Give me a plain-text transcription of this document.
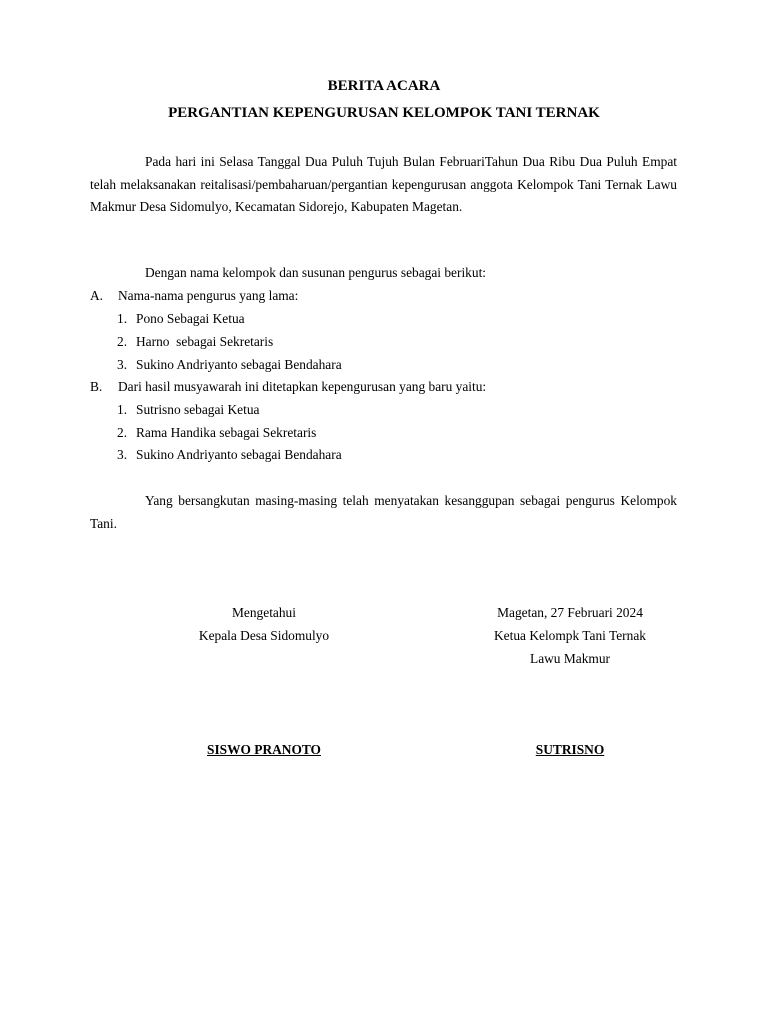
BERITA ACARA
PERGANTIAN KEPENGURUSAN KELOMPOK TANI TERNAK
Pada hari ini Selasa Tanggal Dua Puluh Tujuh Bulan FebruariTahun Dua Ribu Dua Puluh Empat telah melaksanakan reitalisasi/pembaharuan/pergantian kepengurusan anggota Kelompok Tani Ternak Lawu Makmur Desa Sidomulyo, Kecamatan Sidorejo, Kabupaten Magetan.
Dengan nama kelompok dan susunan pengurus sebagai berikut:
A. Nama-nama pengurus yang lama:
1. Pono Sebagai Ketua
2. Harno  sebagai Sekretaris
3. Sukino Andriyanto sebagai Bendahara
B. Dari hasil musyawarah ini ditetapkan kepengurusan yang baru yaitu:
1. Sutrisno sebagai Ketua
2. Rama Handika sebagai Sekretaris
3. Sukino Andriyanto sebagai Bendahara
Yang bersangkutan masing-masing telah menyatakan kesanggupan sebagai pengurus Kelompok Tani.
Mengetahui
Kepala Desa Sidomulyo
SISWO PRANOTO
Magetan, 27 Februari 2024
Ketua Kelompk Tani Ternak
Lawu Makmur
SUTRISNO
